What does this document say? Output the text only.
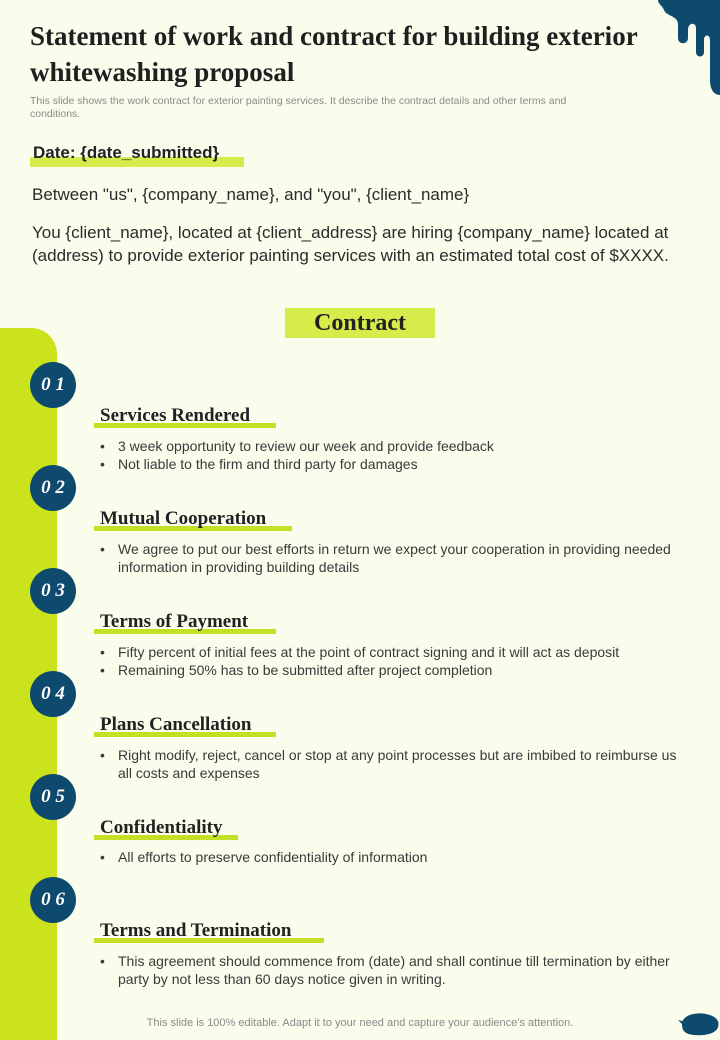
Statement of work and contract for building exterior whitewashing proposal
This slide shows the work contract for exterior painting services. It describe the contract details and other terms and conditions.
Date: {date_submitted}
Between "us", {company_name}, and "you", {client_name}
You {client_name}, located at {client_address} are hiring {company_name} located at (address) to provide exterior painting services with an estimated total cost of $XXXX.
Contract
0 1
Services Rendered
• 3 week opportunity to review our week and provide feedback
• Not liable to the firm and third party for damages
0 2
Mutual Cooperation
• We agree to put our best efforts in return we expect your cooperation in providing needed information in providing building details
0 3
Terms of Payment
• Fifty percent of initial fees at the point of contract signing and it will act as deposit
• Remaining 50% has to be submitted after project completion
0 4
Plans Cancellation
• Right modify, reject, cancel or stop at any point processes but are imbibed to reimburse us all costs and expenses
0 5
Confidentiality
• All efforts to preserve confidentiality of information
0 6
Terms and Termination
• This agreement should commence from (date) and shall continue till termination by either party by not less than 60 days notice given in writing.
This slide is 100% editable. Adapt it to your need and capture your audience’s attention.
